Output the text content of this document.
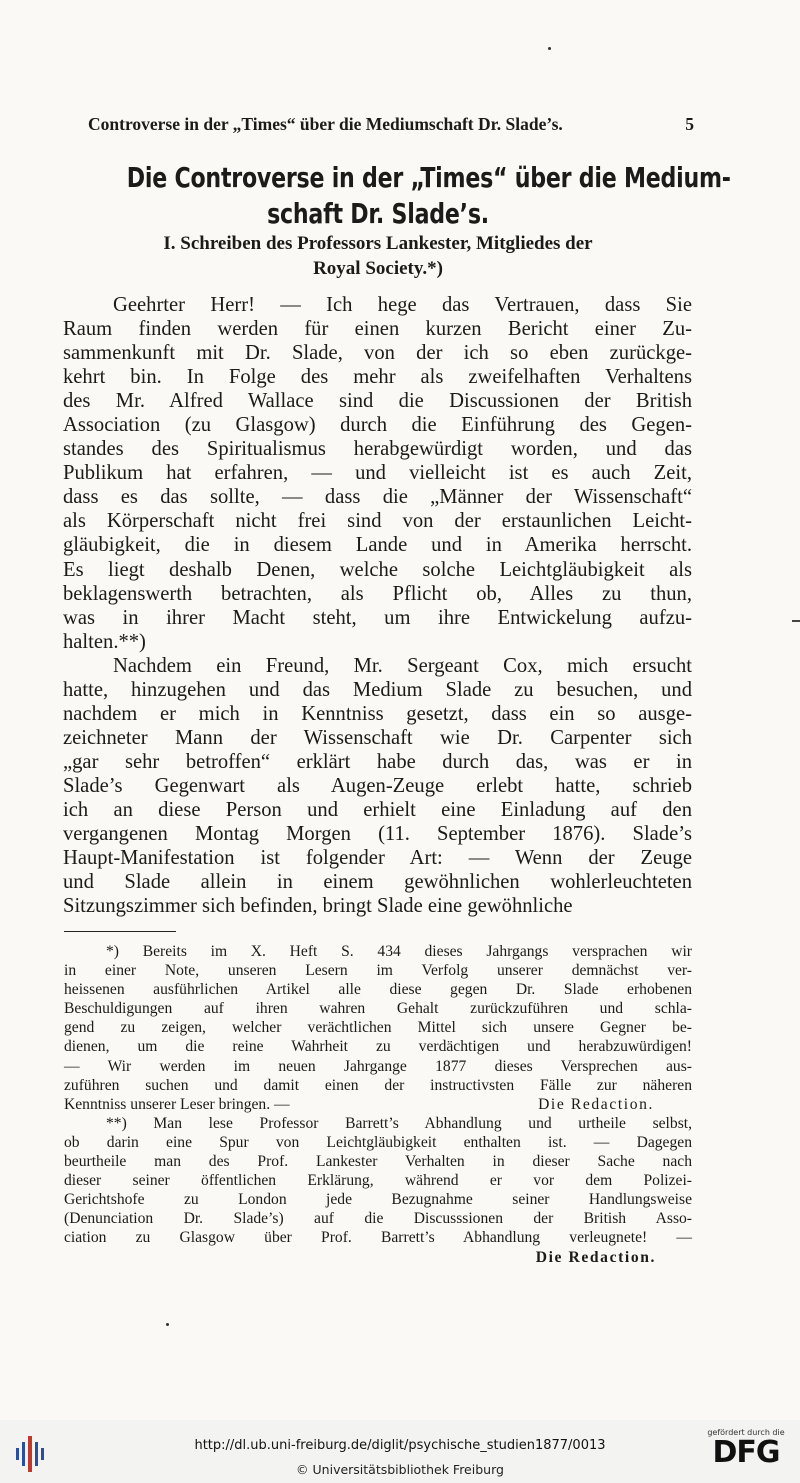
Controverse in der „Times“ über die Mediumschaft Dr. Slade’s.	5
Die Controverse in der „Times“ über die Medium-
schaft Dr. Slade’s.
I. Schreiben des Professors Lankester, Mitgliedes der
Royal Society.*)
Geehrter Herr! — Ich hege das Vertrauen, dass Sie
Raum finden werden für einen kurzen Bericht einer Zu-
sammenkunft mit Dr. Slade, von der ich so eben zurückge-
kehrt bin. In Folge des mehr als zweifelhaften Verhaltens
des Mr. Alfred Wallace sind die Discussionen der British
Association (zu Glasgow) durch die Einführung des Gegen-
standes des Spiritualismus herabgewürdigt worden, und das
Publikum hat erfahren, — und vielleicht ist es auch Zeit,
dass es das sollte, — dass die „Männer der Wissenschaft“
als Körperschaft nicht frei sind von der erstaunlichen Leicht-
gläubigkeit, die in diesem Lande und in Amerika herrscht.
Es liegt deshalb Denen, welche solche Leichtgläubigkeit als
beklagenswerth betrachten, als Pflicht ob, Alles zu thun,
was in ihrer Macht steht, um ihre Entwickelung aufzu-
halten.**)
Nachdem ein Freund, Mr. Sergeant Cox, mich ersucht
hatte, hinzugehen und das Medium Slade zu besuchen, und
nachdem er mich in Kenntniss gesetzt, dass ein so ausge-
zeichneter Mann der Wissenschaft wie Dr. Carpenter sich
„gar sehr betroffen“ erklärt habe durch das, was er in
Slade’s Gegenwart als Augen-Zeuge erlebt hatte, schrieb
ich an diese Person und erhielt eine Einladung auf den
vergangenen Montag Morgen (11. September 1876). Slade’s
Haupt-Manifestation ist folgender Art: — Wenn der Zeuge
und Slade allein in einem gewöhnlichen wohlerleuchteten
Sitzungszimmer sich befinden, bringt Slade eine gewöhnliche
*) Bereits im X. Heft S. 434 dieses Jahrgangs versprachen wir
in einer Note, unseren Lesern im Verfolg unserer demnächst ver-
heissenen ausführlichen Artikel alle diese gegen Dr. Slade erhobenen
Beschuldigungen auf ihren wahren Gehalt zurückzuführen und schla-
gend zu zeigen, welcher verächtlichen Mittel sich unsere Gegner be-
dienen, um die reine Wahrheit zu verdächtigen und herabzuwürdigen!
— Wir werden im neuen Jahrgange 1877 dieses Versprechen aus-
zuführen suchen und damit einen der instructivsten Fälle zur näheren
Kenntniss unserer Leser bringen. —	Die Redaction.
**) Man lese Professor Barrett’s Abhandlung und urtheile selbst,
ob darin eine Spur von Leichtgläubigkeit enthalten ist. — Dagegen
beurtheile man des Prof. Lankester Verhalten in dieser Sache nach
dieser seiner öffentlichen Erklärung, während er vor dem Polizei-
Gerichtshofe zu London jede Bezugnahme seiner Handlungsweise
(Denunciation Dr. Slade’s) auf die Discusssionen der British Asso-
ciation zu Glasgow über Prof. Barrett’s Abhandlung verleugnete! —
Die Redaction.
http://dl.ub.uni-freiburg.de/diglit/psychische_studien1877/0013
© Universitätsbibliothek Freiburg
gefördert durch die
DFG
